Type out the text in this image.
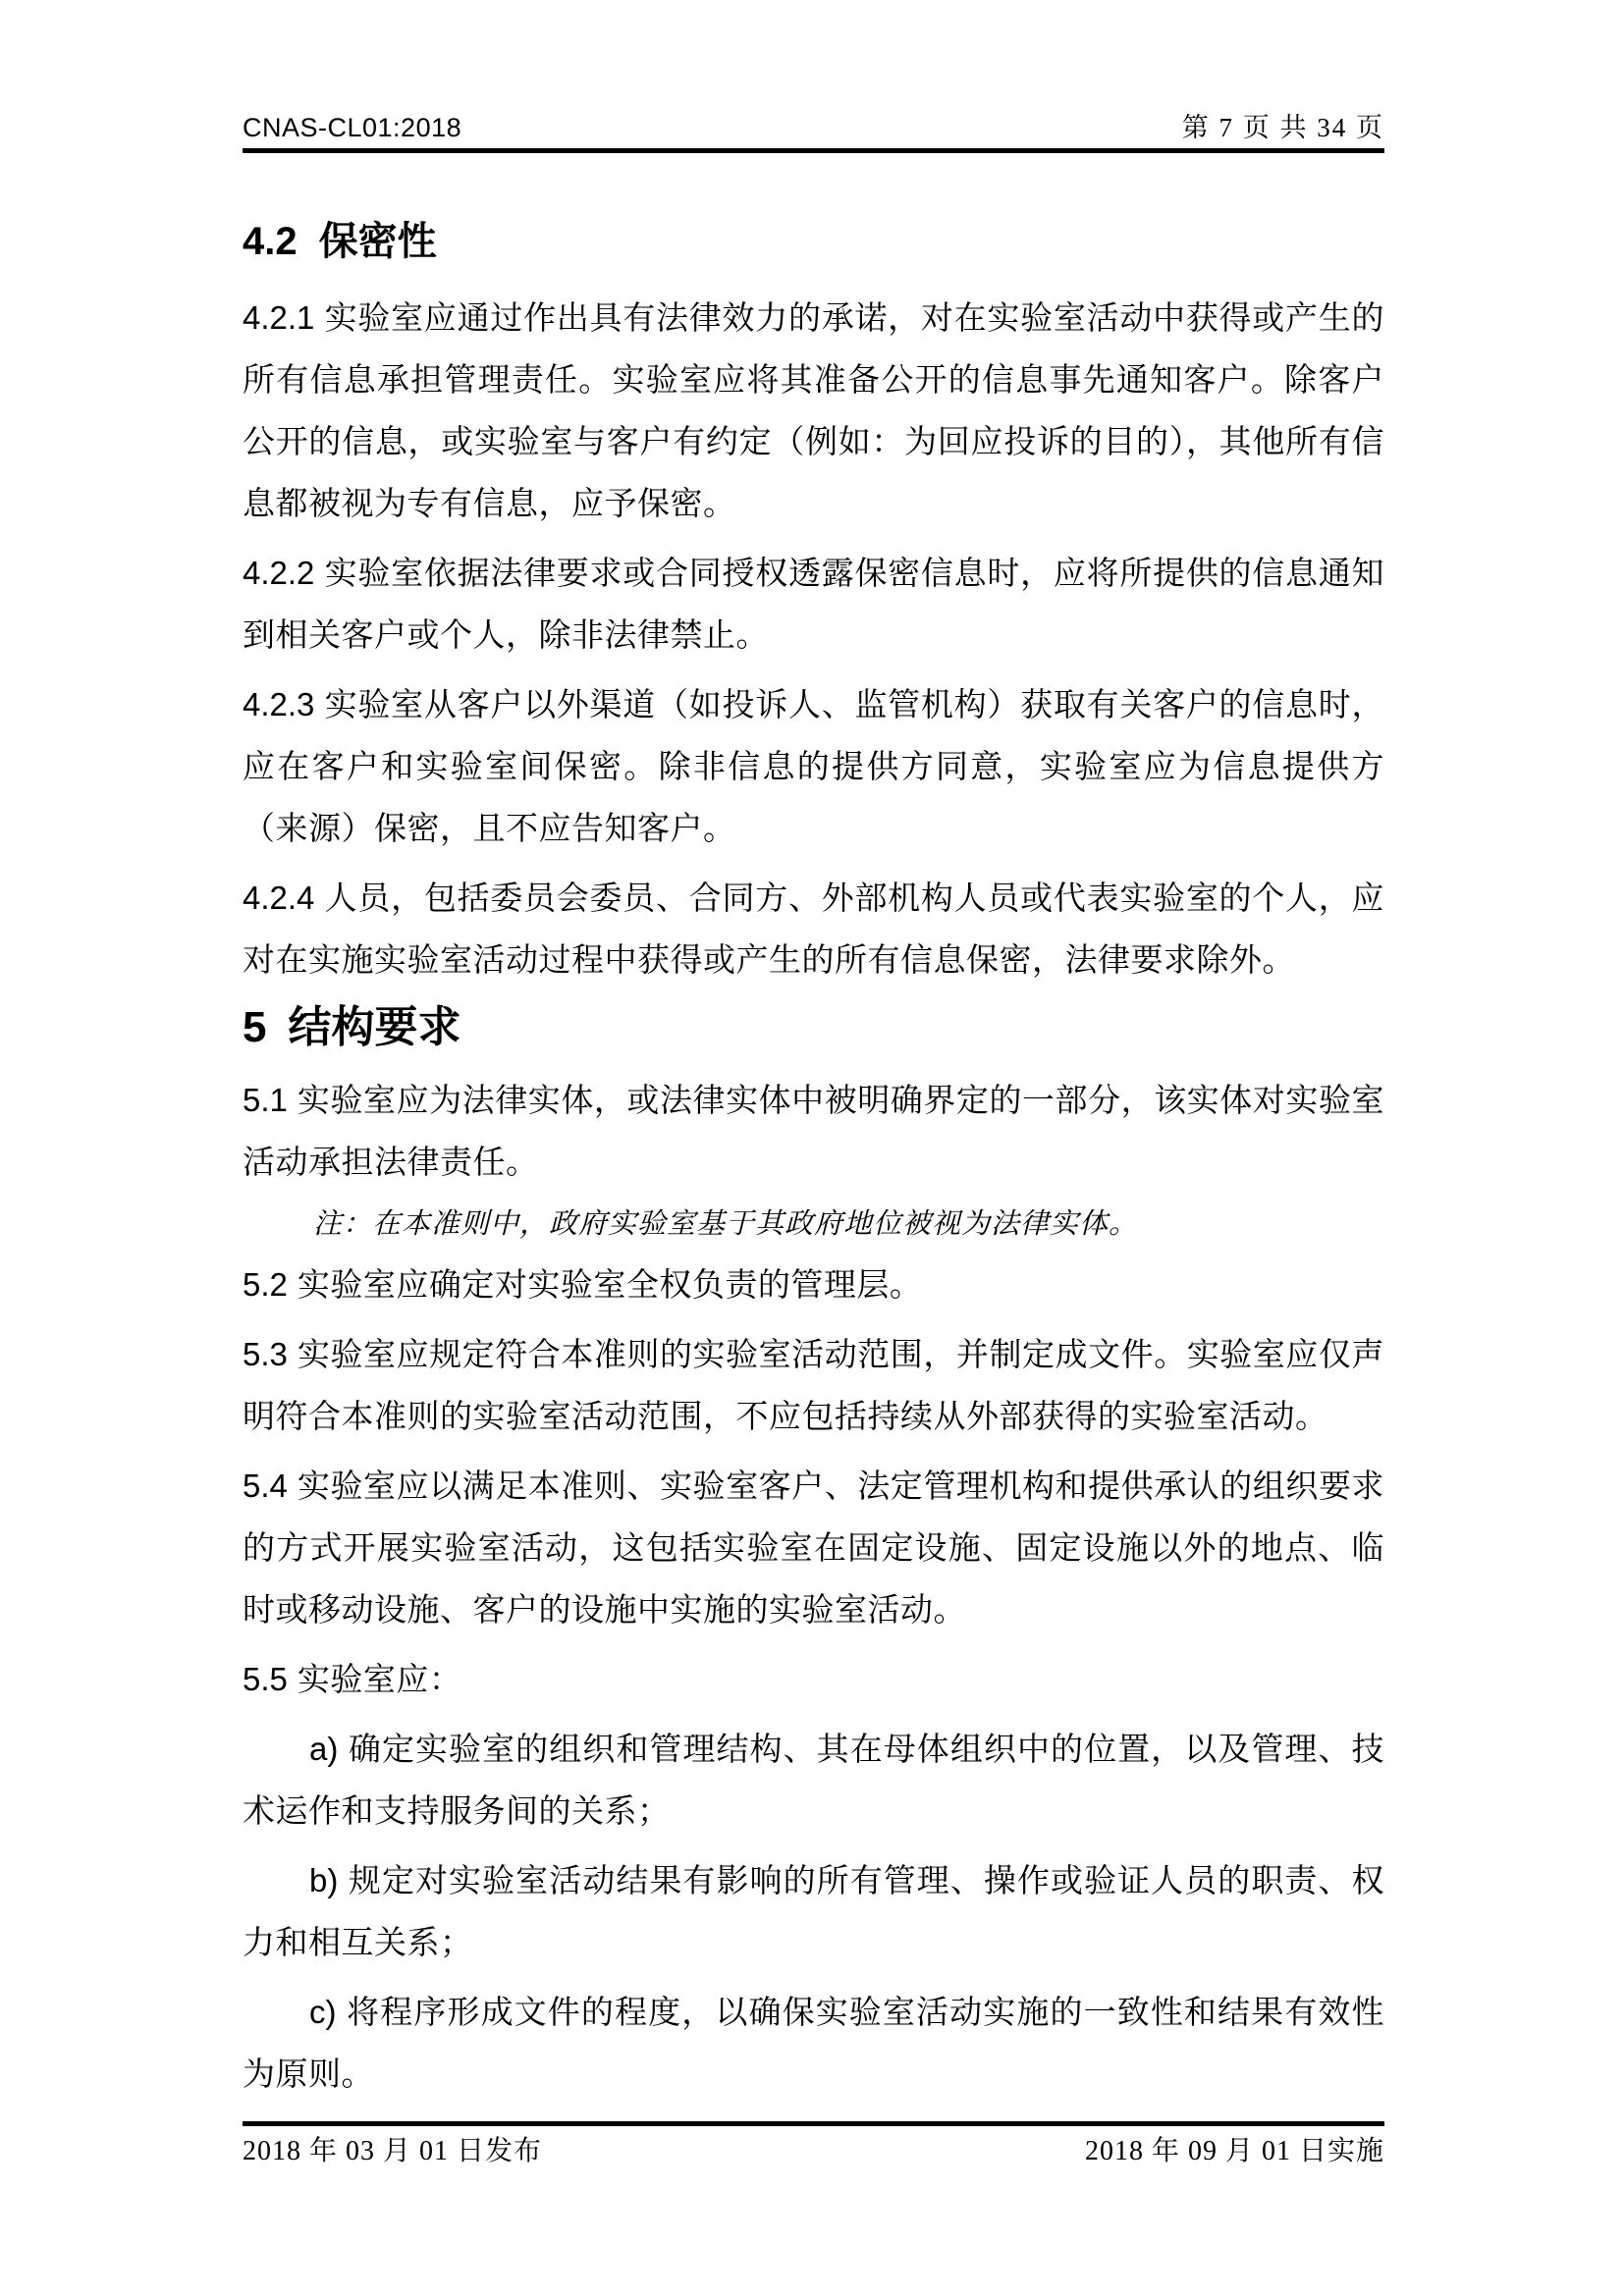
CNAS-CL01:2018	第 7 页 共 34 页
4.2 保密性

4.2.1 实验室应通过作出具有法律效力的承诺，对在实验室活动中获得或产生的所有信息承担管理责任。实验室应将其准备公开的信息事先通知客户。除客户公开的信息，或实验室与客户有约定（例如：为回应投诉的目的），其他所有信息都被视为专有信息，应予保密。

4.2.2 实验室依据法律要求或合同授权透露保密信息时，应将所提供的信息通知到相关客户或个人，除非法律禁止。

4.2.3 实验室从客户以外渠道（如投诉人、监管机构）获取有关客户的信息时，应在客户和实验室间保密。除非信息的提供方同意，实验室应为信息提供方（来源）保密，且不应告知客户。

4.2.4 人员，包括委员会委员、合同方、外部机构人员或代表实验室的个人，应对在实施实验室活动过程中获得或产生的所有信息保密，法律要求除外。

5 结构要求

5.1 实验室应为法律实体，或法律实体中被明确界定的一部分，该实体对实验室活动承担法律责任。

注：在本准则中，政府实验室基于其政府地位被视为法律实体。

5.2 实验室应确定对实验室全权负责的管理层。

5.3 实验室应规定符合本准则的实验室活动范围，并制定成文件。实验室应仅声明符合本准则的实验室活动范围，不应包括持续从外部获得的实验室活动。

5.4 实验室应以满足本准则、实验室客户、法定管理机构和提供承认的组织要求的方式开展实验室活动，这包括实验室在固定设施、固定设施以外的地点、临时或移动设施、客户的设施中实施的实验室活动。

5.5 实验室应：

a) 确定实验室的组织和管理结构、其在母体组织中的位置，以及管理、技术运作和支持服务间的关系；

b) 规定对实验室活动结果有影响的所有管理、操作或验证人员的职责、权力和相互关系；

c) 将程序形成文件的程度，以确保实验室活动实施的一致性和结果有效性为原则。

2018 年 03 月 01 日发布	2018 年 09 月 01 日实施
